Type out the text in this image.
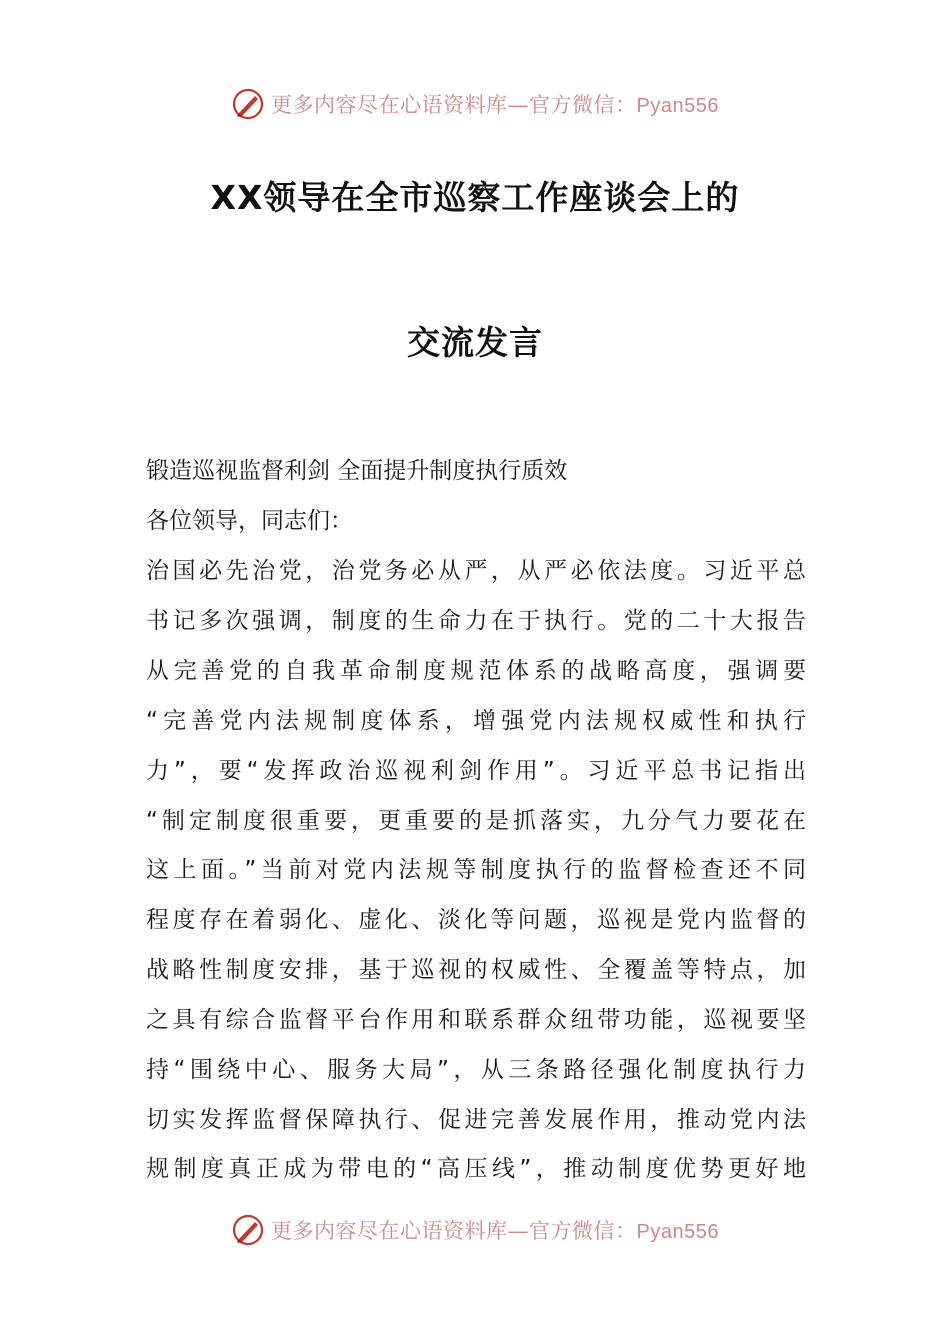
更多内容尽在心语资料库—官方微信：Pyan556
XX领导在全市巡察工作座谈会上的
交流发言
锻造巡视监督利剑 全面提升制度执行质效
各位领导，同志们：
治国必先治党，治党务必从严，从严必依法度。习近平总
书记多次强调，制度的生命力在于执行。党的二十大报告
从完善党的自我革命制度规范体系的战略高度，强调要
“完善党内法规制度体系，增强党内法规权威性和执行
力”，要“发挥政治巡视利剑作用”。习近平总书记指出
“制定制度很重要，更重要的是抓落实，九分气力要花在
这上面。”当前对党内法规等制度执行的监督检查还不同
程度存在着弱化、虚化、淡化等问题，巡视是党内监督的
战略性制度安排，基于巡视的权威性、全覆盖等特点，加
之具有综合监督平台作用和联系群众纽带功能，巡视要坚
持“围绕中心、服务大局”，从三条路径强化制度执行力
切实发挥监督保障执行、促进完善发展作用，推动党内法
规制度真正成为带电的“高压线”，推动制度优势更好地
更多内容尽在心语资料库—官方微信：Pyan556
